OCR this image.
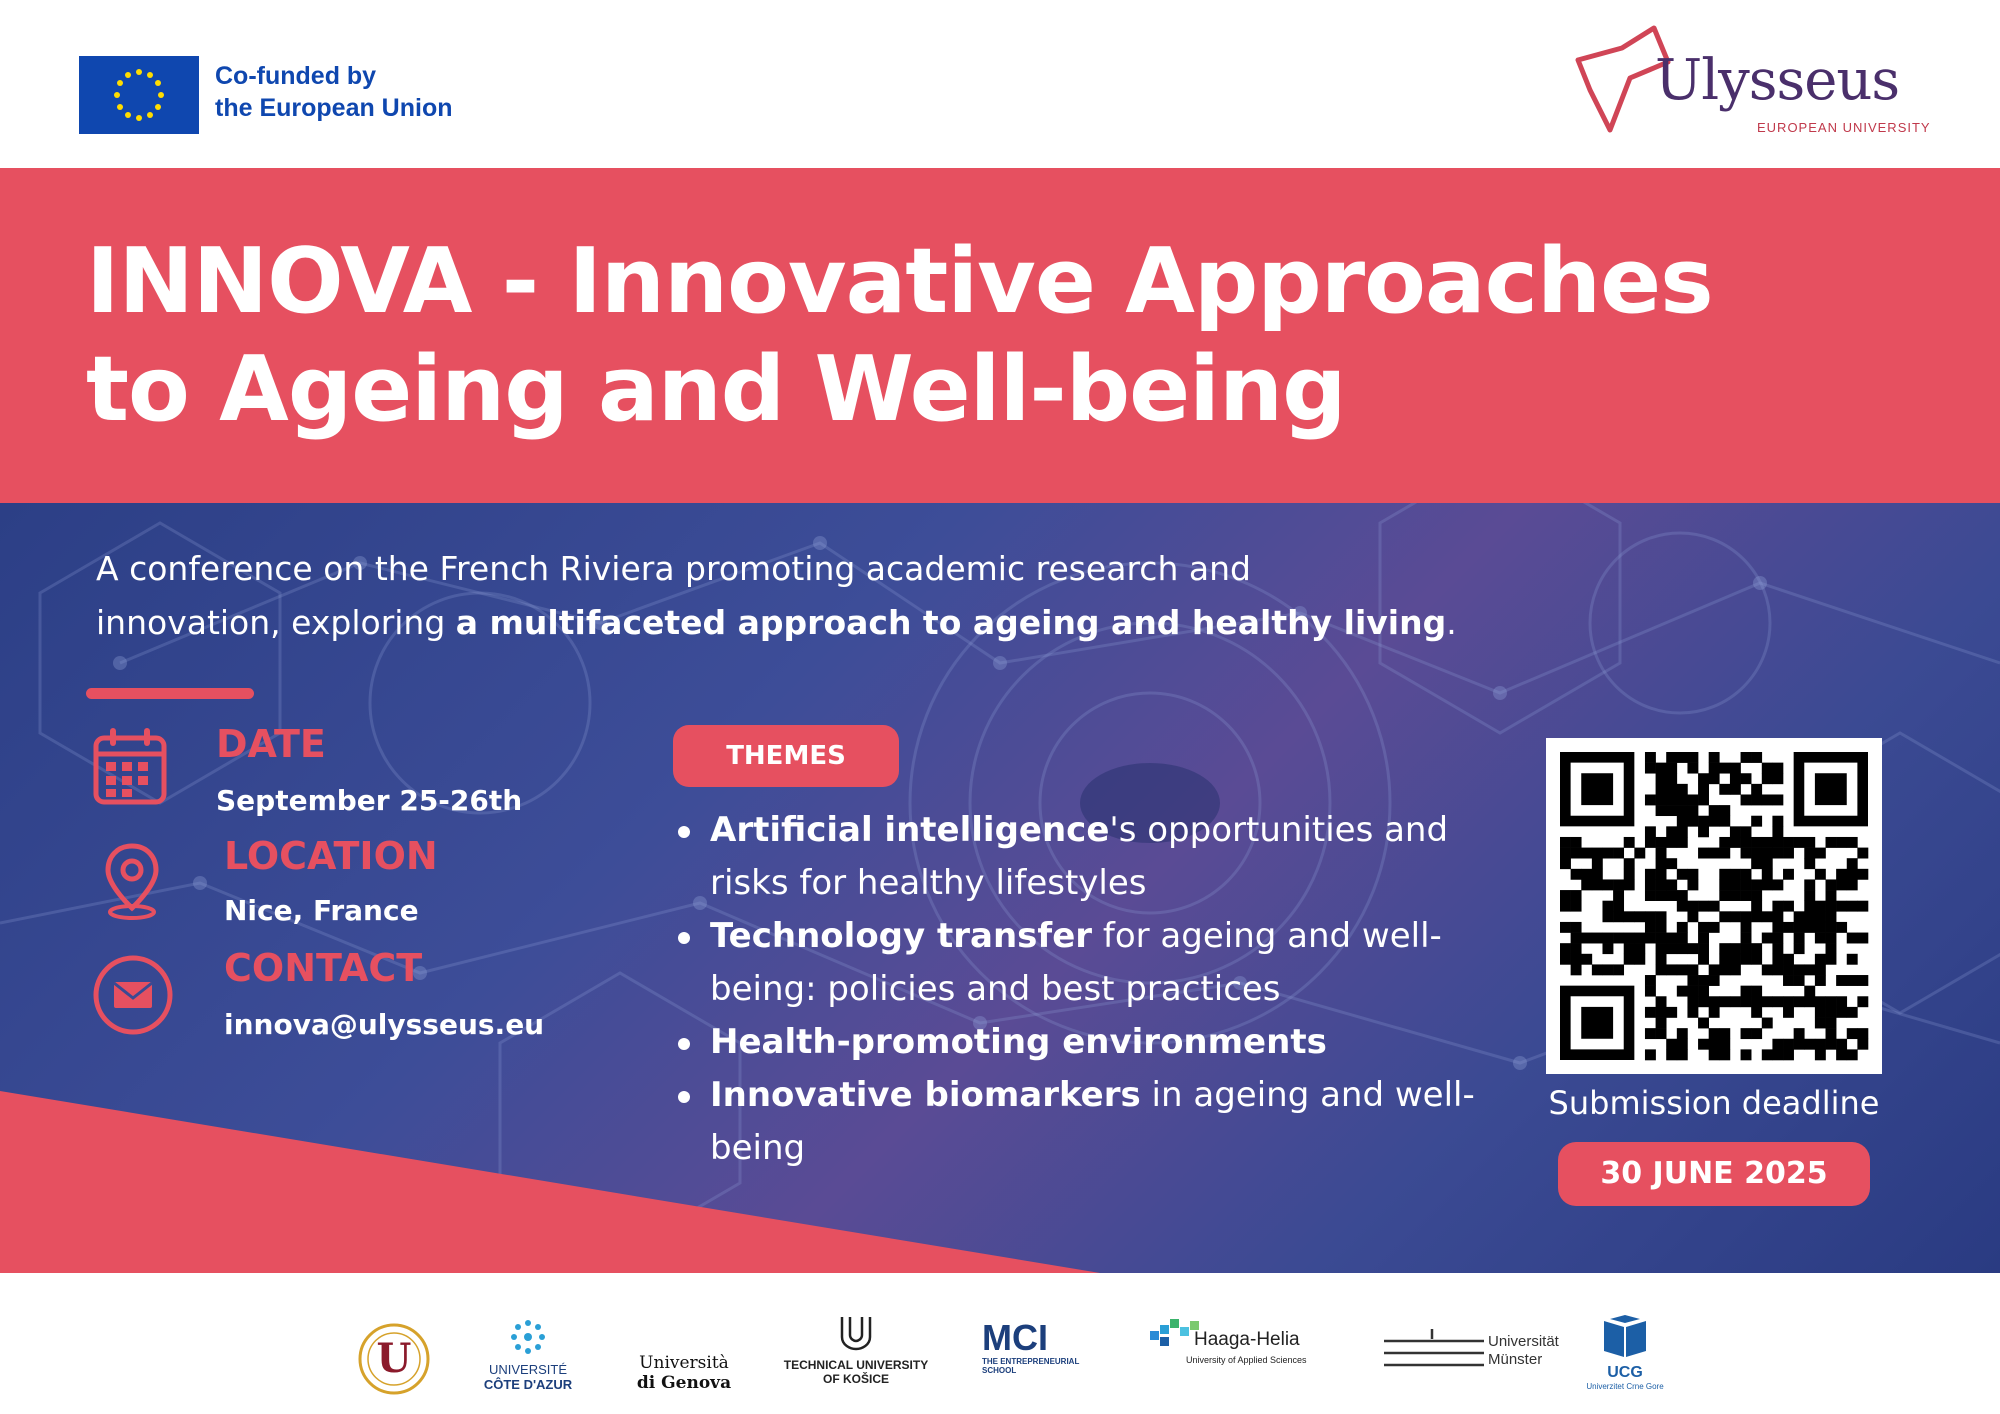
Co-funded by
the European Union	Ulysseus
EUROPEAN UNIVERSITY
INNOVA - Innovative Approaches
to Ageing and Well-being
A conference on the French Riviera promoting academic research and
innovation, exploring a multifaceted approach to ageing and healthy living.
DATE
September 25-26th
LOCATION
Nice, France
CONTACT
innova@ulysseus.eu
THEMES
Artificial intelligence's opportunities and risks for healthy lifestyles
Technology transfer for ageing and well-being: policies and best practices
Health-promoting environments
Innovative biomarkers in ageing and well-being
Submission deadline
30 JUNE 2025
U	UNIVERSITÉ
CÔTE D'AZUR
Università
di Genova
TECHNICAL UNIVERSITY
OF KOŠICE
MCI
THE ENTREPRENEURIAL
SCHOOL
Haaga-Helia
University of Applied Sciences
Universität
Münster
UCG
Univerzitet Crne Gore
